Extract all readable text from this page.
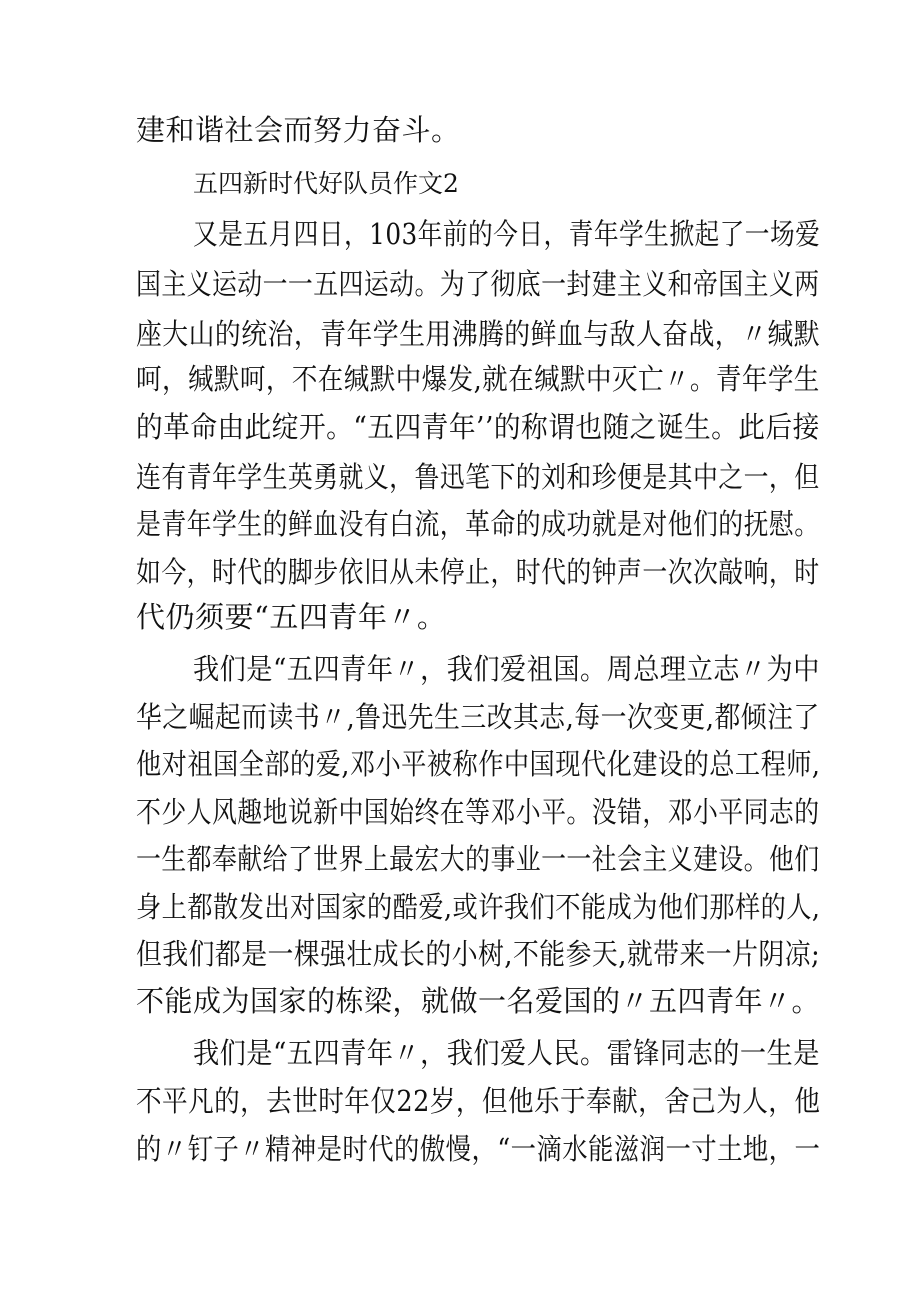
建和谐社会而努力奋斗。
五四新时代好队员作文2
又是五月四日，103年前的今日，青年学生掀起了一场爱
国主义运动一一五四运动。为了彻底一封建主义和帝国主义两
座大山的统治，青年学生用沸腾的鲜血与敌人奋战，〃缄默
呵，缄默呵，不在缄默中爆发,就在缄默中灭亡〃。青年学生
的革命由此绽开。“五四青年’’的称谓也随之诞生。此后接
连有青年学生英勇就义，鲁迅笔下的刘和珍便是其中之一，但
是青年学生的鲜血没有白流，革命的成功就是对他们的抚慰。
如今，时代的脚步依旧从未停止，时代的钟声一次次敲响，时
代仍须要“五四青年〃。
我们是“五四青年〃，我们爱祖国。周总理立志〃为中
华之崛起而读书〃,鲁迅先生三改其志,每一次变更,都倾注了
他对祖国全部的爱,邓小平被称作中国现代化建设的总工程师,
不少人风趣地说新中国始终在等邓小平。没错，邓小平同志的
一生都奉献给了世界上最宏大的事业一一社会主义建设。他们
身上都散发出对国家的酷爱,或许我们不能成为他们那样的人,
但我们都是一棵强壮成长的小树,不能参天,就带来一片阴凉;
不能成为国家的栋梁，就做一名爱国的〃五四青年〃。
我们是“五四青年〃，我们爱人民。雷锋同志的一生是
不平凡的，去世时年仅22岁，但他乐于奉献，舍己为人，他
的〃钉子〃精神是时代的傲慢，“一滴水能滋润一寸土地，一
